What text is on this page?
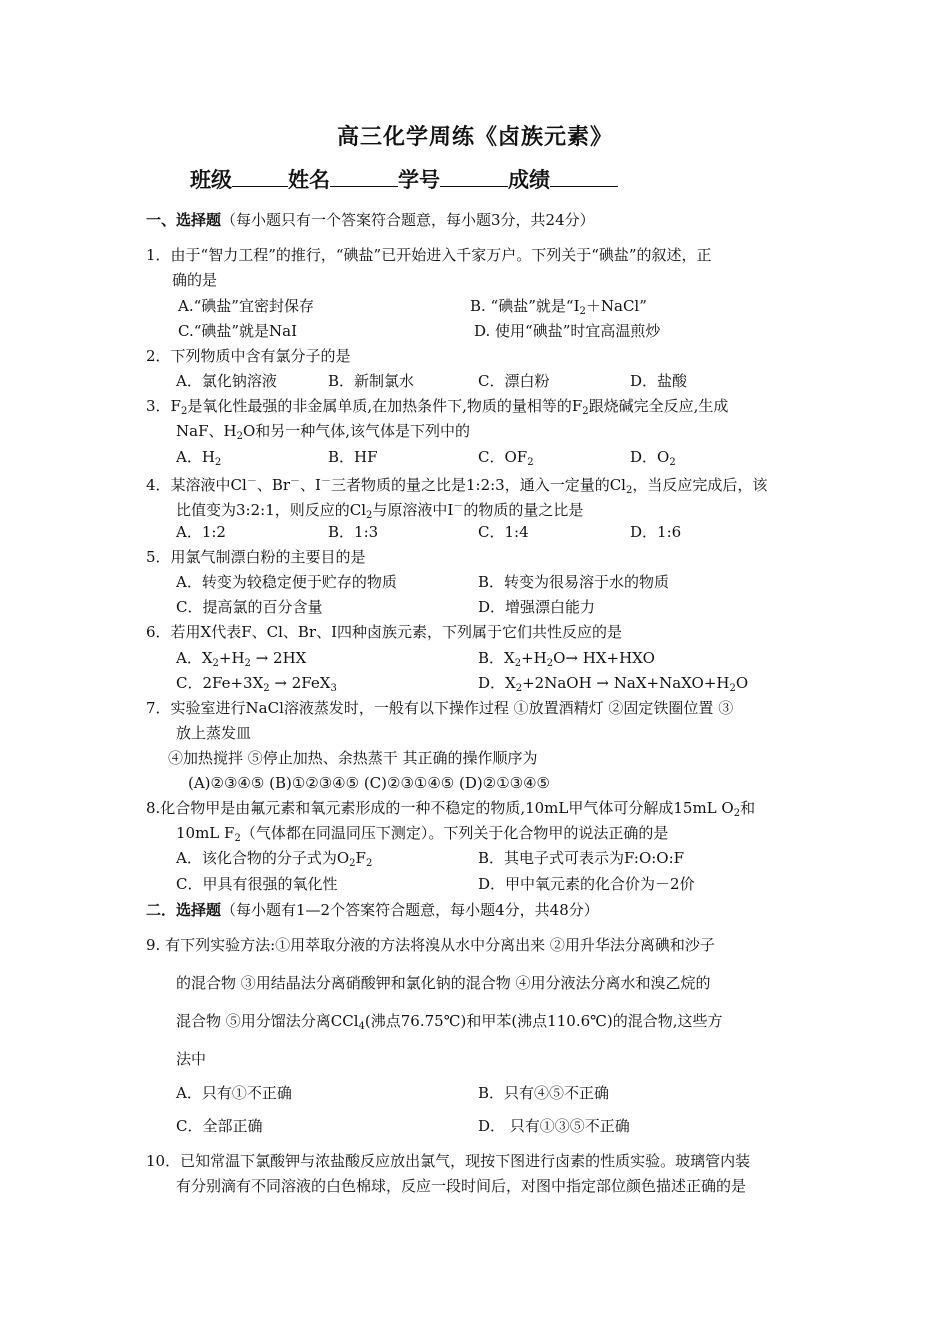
高三化学周练《卤族元素》
班级	姓名	学号	成绩
一、选择题（每小题只有一个答案符合题意，每小题3分，共24分）
1．由于“智力工程”的推行，“碘盐”已开始进入千家万户。下列关于“碘盐”的叙述，正
确的是
A.“碘盐”宜密封保存	B. “碘盐”就是“$I_2+NaCl$”
C.“碘盐”就是NaI	D. 使用“碘盐”时宜高温煎炒
2．下列物质中含有氯分子的是
A．氯化钠溶液	B．新制氯水	C．漂白粉	D．盐酸
3．$F_2$是氧化性最强的非金属单质,在加热条件下,物质的量相等的$F_2$跟烧碱完全反应,生成
NaF、$H_2O$和另一种气体,该气体是下列中的
A．$H_2$	B．HF	C．$OF_2$	D．$O_2$
4．某溶液中Cl－、Br－、I－三者物质的量之比是1:2:3，通入一定量的$Cl_2$，当反应完成后，该
比值变为3:2:1，则反应的$Cl_2$与原溶液中I－的物质的量之比是
A．1:2	B．1:3	C．1:4	D．1:6
5．用氯气制漂白粉的主要目的是
A．转变为较稳定便于贮存的物质	B．转变为很易溶于水的物质
C．提高氯的百分含量	D．增强漂白能力
6．若用X代表F、Cl、Br、I四种卤族元素，下列属于它们共性反应的是
A．$X_2+H_2 \to 2HX$	B．$X_2+H_2O\to HX+HXO$
C．$2Fe+3X_2 \to 2FeX_3$	D．$X_2+2NaOH$ → $NaX+NaXO+H_2O$
7．实验室进行NaCl溶液蒸发时，一般有以下操作过程 ①放置酒精灯 ②固定铁圈位置 ③
放上蒸发皿
④加热搅拌 ⑤停止加热、余热蒸干 其正确的操作顺序为
(A)②③④⑤ (B)①②③④⑤ (C)②③①④⑤ (D)②①③④⑤
8.化合物甲是由氟元素和氧元素形成的一种不稳定的物质,10mL甲气体可分解成15mL $O_2$和
10mL $F_2$（气体都在同温同压下测定）。下列关于化合物甲的说法正确的是
A．该化合物的分子式为$O_2F_2$	B．其电子式可表示为F:O:O:F
C．甲具有很强的氧化性	D．甲中氧元素的化合价为－2价
二．选择题（每小题有1—2个答案符合题意，每小题4分，共48分）
9. 有下列实验方法:①用萃取分液的方法将溴从水中分离出来 ②用升华法分离碘和沙子
的混合物 ③用结晶法分离硝酸钾和氯化钠的混合物 ④用分液法分离水和溴乙烷的
混合物 ⑤用分馏法分离CCl$_4$(沸点76.75℃)和甲苯(沸点110.6℃)的混合物,这些方
法中
A．只有①不正确	B．只有④⑤不正确
C．全部正确	D． 只有①③⑤不正确
10．已知常温下氯酸钾与浓盐酸反应放出氯气，现按下图进行卤素的性质实验。玻璃管内装
有分别滴有不同溶液的白色棉球，反应一段时间后，对图中指定部位颜色描述正确的是
